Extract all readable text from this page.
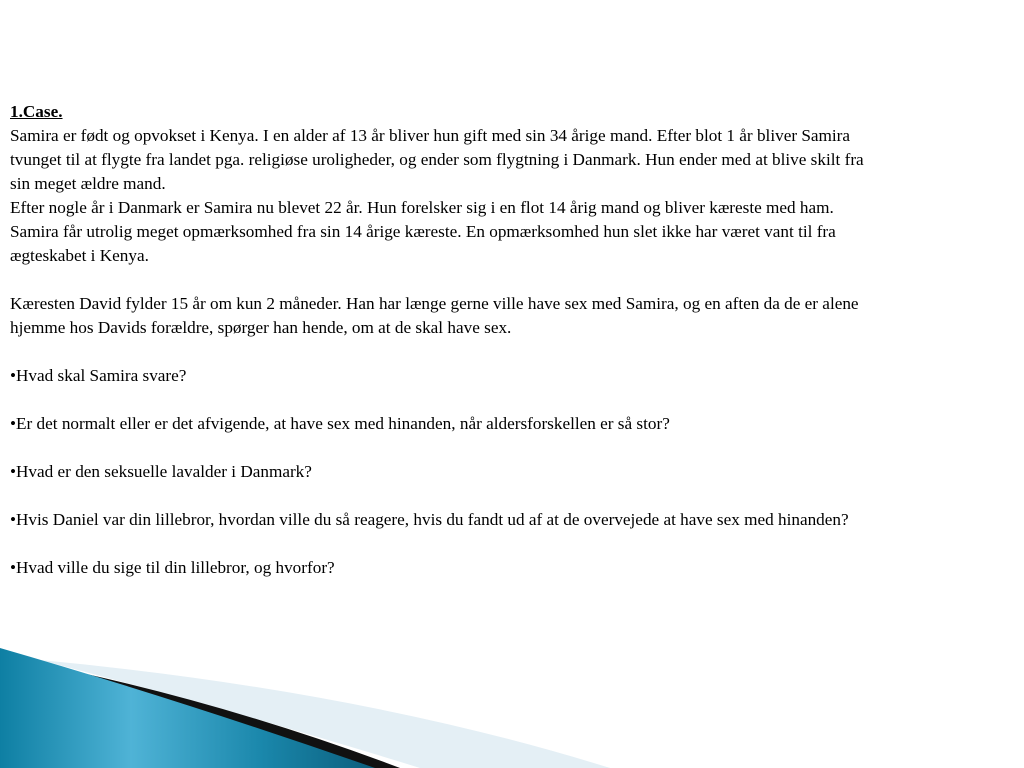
1.Case.

Samira er født og opvokset i Kenya. I en alder af 13 år bliver hun gift med sin 34 årige mand. Efter blot 1 år bliver Samira

tvunget til at flygte fra landet pga. religiøse uroligheder, og ender som flygtning i Danmark. Hun ender med at blive skilt fra

sin meget ældre mand.

Efter nogle år i Danmark er Samira nu blevet 22 år. Hun forelsker sig i en flot 14 årig mand og bliver kæreste med ham.

Samira får utrolig meget opmærksomhed fra sin 14 årige kæreste. En opmærksomhed hun slet ikke har været vant til fra

ægteskabet i Kenya.

Kæresten David fylder 15 år om kun 2 måneder. Han har længe gerne ville have sex med Samira, og en aften da de er alene

hjemme hos Davids forældre, spørger han hende, om at de skal have sex.

•Hvad skal Samira svare?

•Er det normalt eller er det afvigende, at have sex med hinanden, når aldersforskellen er så stor?

•Hvad er den seksuelle lavalder i Danmark?

•Hvis Daniel var din lillebror, hvordan ville du så reagere, hvis du fandt ud af at de overvejede at have sex med hinanden?

•Hvad ville du sige til din lillebror, og hvorfor?
